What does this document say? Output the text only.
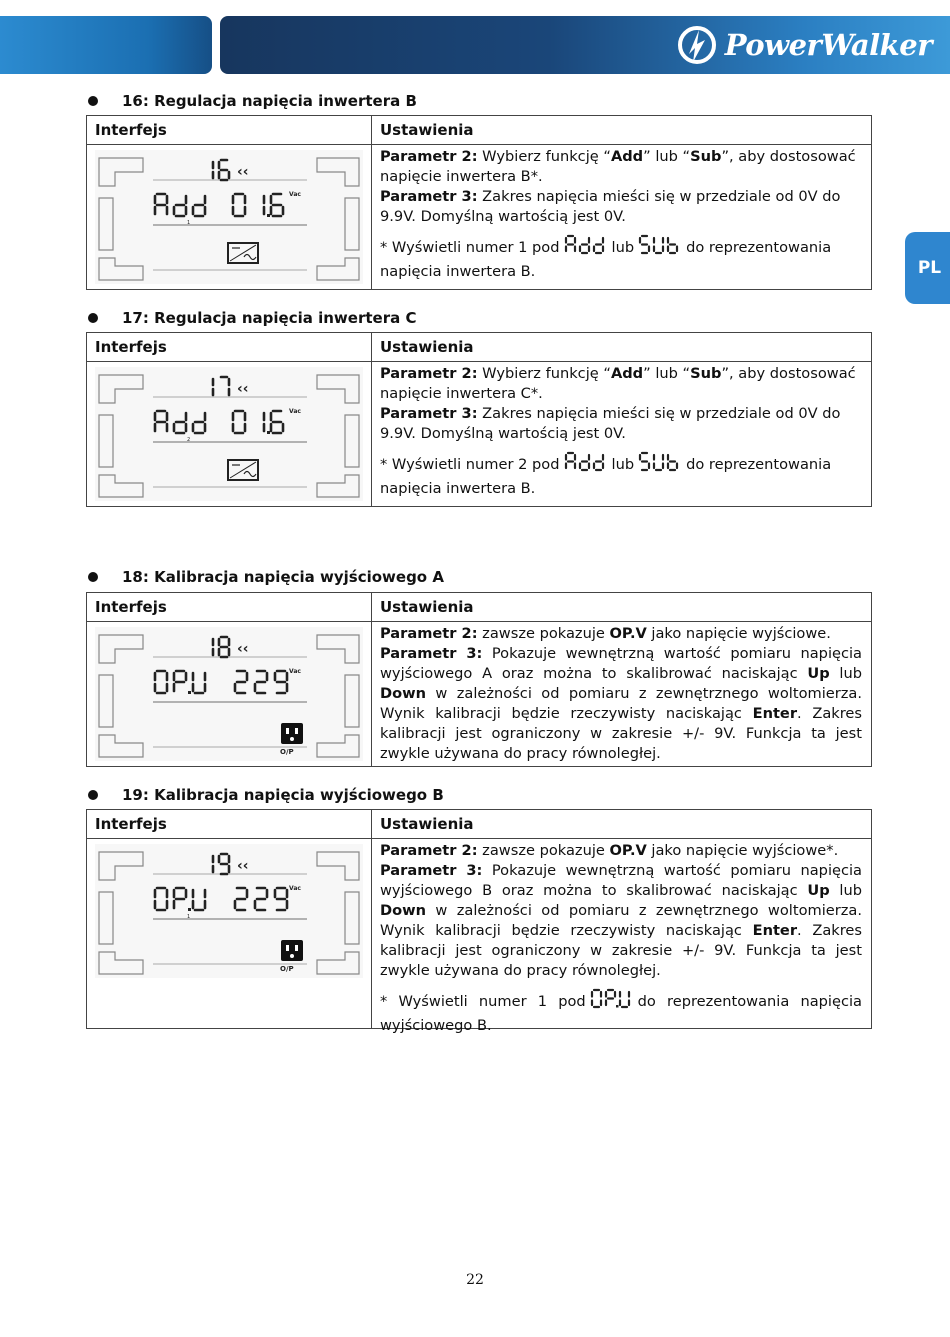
PowerWalker
PL
16: Regulacja napięcia inwertera B
Interfejs	Ustawienia
‹‹
Vac
1
Parametr 2: Wybierz funkcję “Add” lub “Sub”, aby dostosować napięcie inwertera B*.
Parametr 3: Zakres napięcia mieści się w przedziale od 0V do 9.9V. Domyślną wartością jest 0V.
* Wyświetli numer 1 pod	lub	do reprezentowania napięcia inwertera B.
17: Regulacja napięcia inwertera C
Interfejs	Ustawienia
‹‹
Vac
2
Parametr 2: Wybierz funkcję “Add” lub “Sub”, aby dostosować napięcie inwertera C*.
Parametr 3: Zakres napięcia mieści się w przedziale od 0V do 9.9V. Domyślną wartością jest 0V.
* Wyświetli numer 2 pod	lub	do reprezentowania napięcia inwertera B.
18: Kalibracja napięcia wyjściowego A
Interfejs	Ustawienia
‹‹
Vac
O/P
Parametr 2: zawsze pokazuje OP.V jako napięcie wyjściowe.
Parametr 3: Pokazuje wewnętrzną wartość pomiaru napięcia wyjściowego A oraz można to skalibrować naciskając Up lub Down w zależności od pomiaru z zewnętrznego woltomierza. Wynik kalibracji będzie rzeczywisty naciskając Enter. Zakres kalibracji jest ograniczony w zakresie +/- 9V. Funkcja ta jest zwykle używana do pracy równoległej.
19: Kalibracja napięcia wyjściowego B
Interfejs	Ustawienia
‹‹
Vac
1
O/P
Parametr 2: zawsze pokazuje OP.V jako napięcie wyjściowe*.
Parametr 3: Pokazuje wewnętrzną wartość pomiaru napięcia wyjściowego B oraz można to skalibrować naciskając Up lub Down w zależności od pomiaru z zewnętrznego woltomierza. Wynik kalibracji będzie rzeczywisty naciskając Enter. Zakres kalibracji jest ograniczony w zakresie +/- 9V. Funkcja ta jest zwykle używana do pracy równoległej.
* Wyświetli numer 1 pod	do reprezentowania napięcia wyjściowego B.
22
